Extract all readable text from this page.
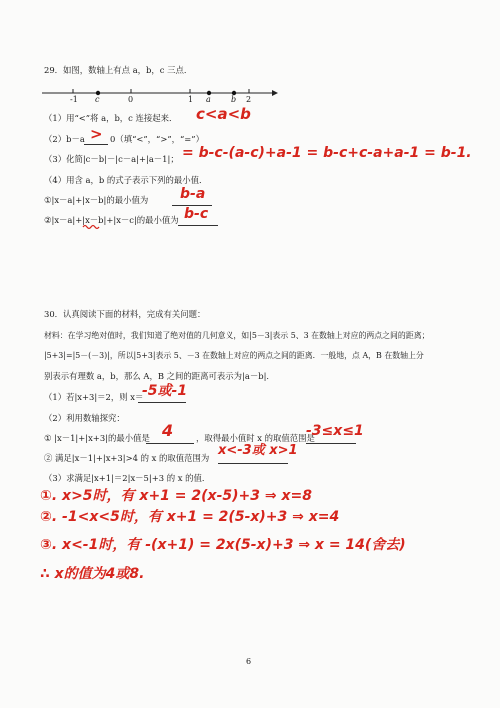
29．如图，数轴上有点 a，b，c 三点．
-1 c	0	1 a	b 2
（1）用“<”将 a，b，c 连接起来． c<a<b
（2）b－a > 0（填“<”，“>”，“=”）
（3）化简|c－b|－|c－a|+|a－1|； = b-c-(a-c)+a-1 = b-c+c-a+a-1 = b-1.
（4）用含 a，b 的式子表示下列的最小值．
①|x－a|+|x－b|的最小值为 b-a
②|x－a|+|x－b|+|x－c|的最小值为 b-c
30．认真阅读下面的材料，完成有关问题：
材料：在学习绝对值时，我们知道了绝对值的几何意义，如|5－3|表示 5、3 在数轴上对应的两点之间的距离；
|5+3|=|5－(－3)|，所以|5+3|表示 5、－3 在数轴上对应的两点之间的距离．一般地，点 A，B 在数轴上分
别表示有理数 a，b，那么 A，B 之间的距离可表示为|a－b|．
（1）若|x+3|＝2，则 x＝
-5或-1
（2）利用数轴探究：
① |x－1|+|x+3|的最小值是 4	，取得最小值时 x 的取值范围是
-3≤x≤1
② 满足|x－1|+|x+3|>4 的 x 的取值范围为 x<-3或 x>1
（3）求满足|x+1|＝2|x－5|+3 的 x 的值．
①. x>5时，有 x+1 = 2(x-5)+3 ⇒ x=8
②. -1<x<5时，有 x+1 = 2(5-x)+3 ⇒ x=4
③. x<-1时，有 -(x+1) = 2x(5-x)+3 ⇒ x = 14(舍去)
∴ x的值为4或8.
6
